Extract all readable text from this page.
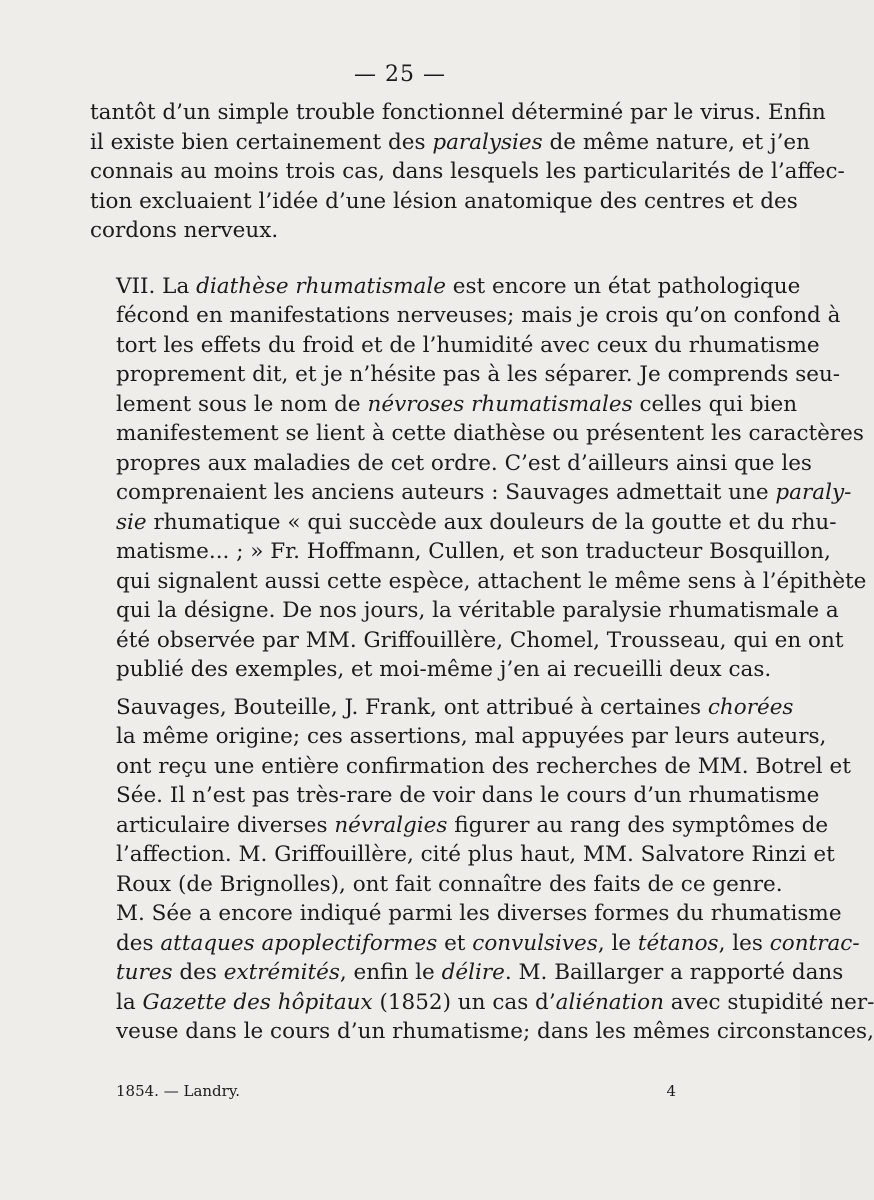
— 25 —
tantôt d’un simple trouble fonctionnel déterminé par le virus. Enfin
il existe bien certainement des paralysies de même nature, et j’en
connais au moins trois cas, dans lesquels les particularités de l’affec-
tion excluaient l’idée d’une lésion anatomique des centres et des
cordons nerveux.
VII. La diathèse rhumatismale est encore un état pathologique
fécond en manifestations nerveuses; mais je crois qu’on confond à
tort les effets du froid et de l’humidité avec ceux du rhumatisme
proprement dit, et je n’hésite pas à les séparer. Je comprends seu-
lement sous le nom de névroses rhumatismales celles qui bien
manifestement se lient à cette diathèse ou présentent les caractères
propres aux maladies de cet ordre. C’est d’ailleurs ainsi que les
comprenaient les anciens auteurs : Sauvages admettait une paraly-
sie rhumatique « qui succède aux douleurs de la goutte et du rhu-
matisme... ; » Fr. Hoffmann, Cullen, et son traducteur Bosquillon,
qui signalent aussi cette espèce, attachent le même sens à l’épithète
qui la désigne. De nos jours, la véritable paralysie rhumatismale a
été observée par MM. Griffouillère, Chomel, Trousseau, qui en ont
publié des exemples, et moi-même j’en ai recueilli deux cas.
Sauvages, Bouteille, J. Frank, ont attribué à certaines chorées
la même origine; ces assertions, mal appuyées par leurs auteurs,
ont reçu une entière confirmation des recherches de MM. Botrel et
Sée. Il n’est pas très-rare de voir dans le cours d’un rhumatisme
articulaire diverses névralgies figurer au rang des symptômes de
l’affection. M. Griffouillère, cité plus haut, MM. Salvatore Rinzi et
Roux (de Brignolles), ont fait connaître des faits de ce genre.
M. Sée a encore indiqué parmi les diverses formes du rhumatisme
des attaques apoplectiformes et convulsives, le tétanos, les contrac-
tures des extrémités, enfin le délire. M. Baillarger a rapporté dans
la Gazette des hôpitaux (1852) un cas d’aliénation avec stupidité ner-
veuse dans le cours d’un rhumatisme; dans les mêmes circonstances,
1854. — Landry.	4
